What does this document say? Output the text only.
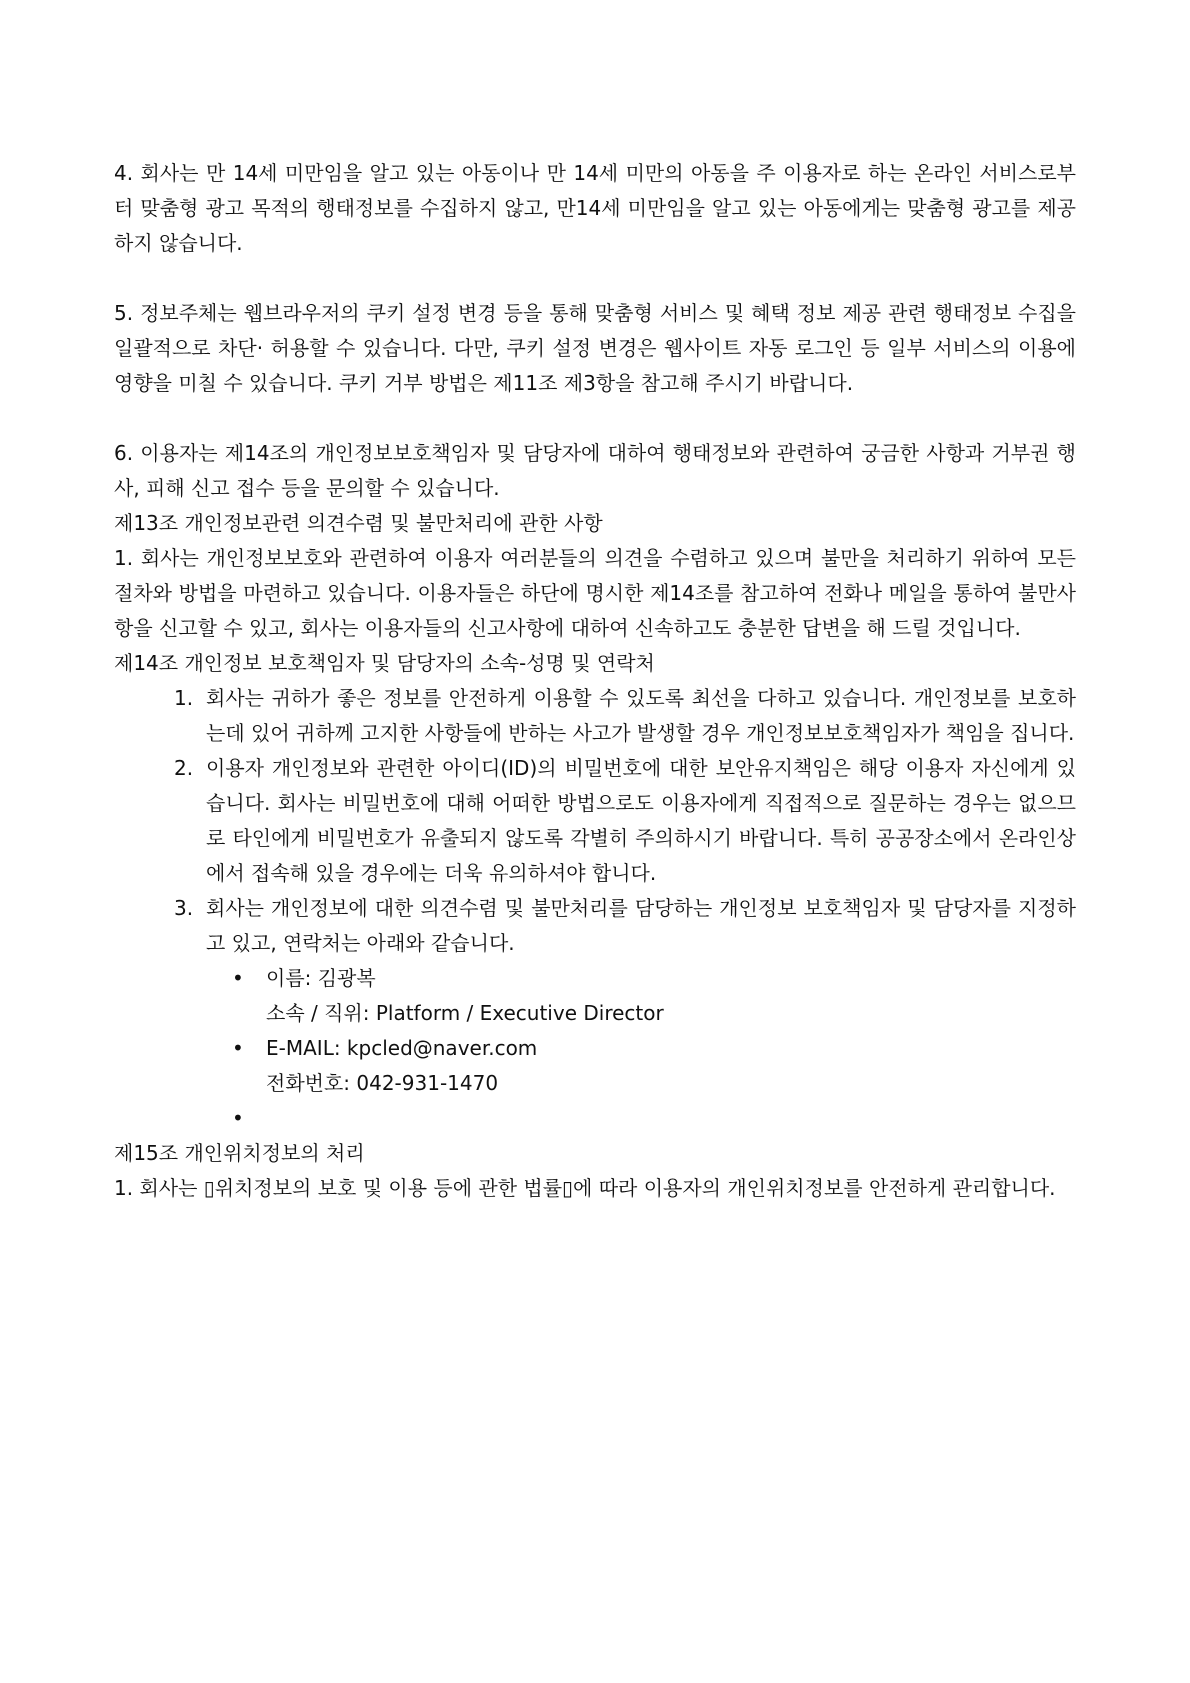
4. 회사는 만 14세 미만임을 알고 있는 아동이나 만 14세 미만의 아동을 주 이용자로 하는 온라인 서비스로부터 맞춤형 광고 목적의 행태정보를 수집하지 않고, 만14세 미만임을 알고 있는 아동에게는 맞춤형 광고를 제공하지 않습니다.

5. 정보주체는 웹브라우저의 쿠키 설정 변경 등을 통해 맞춤형 서비스 및 혜택 정보 제공 관련 행태정보 수집을 일괄적으로 차단· 허용할 수 있습니다. 다만, 쿠키 설정 변경은 웹사이트 자동 로그인 등 일부 서비스의 이용에 영향을 미칠 수 있습니다. 쿠키 거부 방법은 제11조 제3항을 참고해 주시기 바랍니다.

6. 이용자는 제14조의 개인정보보호책임자 및 담당자에 대하여 행태정보와 관련하여 궁금한 사항과 거부권 행사, 피해 신고 접수 등을 문의할 수 있습니다.

제13조 개인정보관련 의견수렴 및 불만처리에 관한 사항

1. 회사는 개인정보보호와 관련하여 이용자 여러분들의 의견을 수렴하고 있으며 불만을 처리하기 위하여 모든 절차와 방법을 마련하고 있습니다. 이용자들은 하단에 명시한 제14조를 참고하여 전화나 메일을 통하여 불만사항을 신고할 수 있고, 회사는 이용자들의 신고사항에 대하여 신속하고도 충분한 답변을 해 드릴 것입니다.

제14조 개인정보 보호책임자 및 담당자의 소속-성명 및 연락처

1. 회사는 귀하가 좋은 정보를 안전하게 이용할 수 있도록 최선을 다하고 있습니다. 개인정보를 보호하는데 있어 귀하께 고지한 사항들에 반하는 사고가 발생할 경우 개인정보보호책임자가 책임을 집니다.
2. 이용자 개인정보와 관련한 아이디(ID)의 비밀번호에 대한 보안유지책임은 해당 이용자 자신에게 있습니다. 회사는 비밀번호에 대해 어떠한 방법으로도 이용자에게 직접적으로 질문하는 경우는 없으므로 타인에게 비밀번호가 유출되지 않도록 각별히 주의하시기 바랍니다. 특히 공공장소에서 온라인상에서 접속해 있을 경우에는 더욱 유의하셔야 합니다.
3. 회사는 개인정보에 대한 의견수렴 및 불만처리를 담당하는 개인정보 보호책임자 및 담당자를 지정하고 있고, 연락처는 아래와 같습니다.
• 이름: 김광복
소속 / 직위: Platform / Executive Director
• E-MAIL: kpcled@naver.com
전화번호: 042-931-1470
•

제15조 개인위치정보의 처리

1. 회사는 ▯위치정보의 보호 및 이용 등에 관한 법률▯에 따라 이용자의 개인위치정보를 안전하게 관리합니다.
